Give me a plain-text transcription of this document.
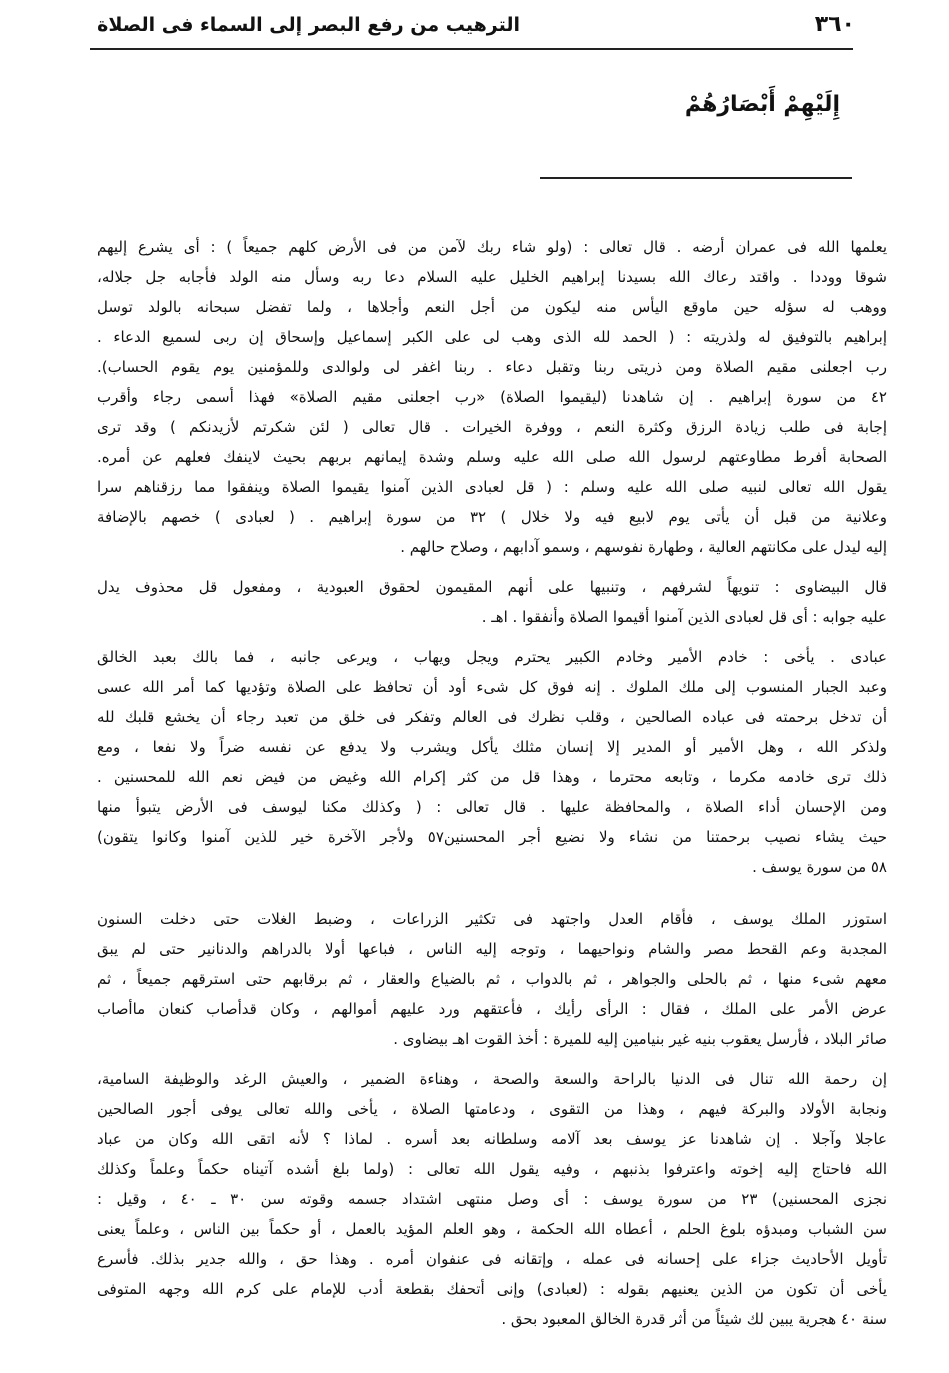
٣٦٠
الترهيب من رفع البصر إلى السماء فى الصلاة
إِلَيْهِمْ أَبْصَارُهُمْ
يعلمها الله فى عمران أرضه . قال تعالى : (ولو شاء ربك لآمن من فى الأرض كلهم جميعاً ) : أى يشرع إليهم
شوقا ووددا . واقتد رعاك الله بسيدنا إبراهيم الخليل عليه السلام دعا ربه وسأل منه الولد فأجابه جل جلاله،
ووهب له سؤله حين ماوقع اليأس منه ليكون من أجل النعم وأجلاها ، ولما تفضل سبحانه بالولد توسل
إبراهيم بالتوفيق له ولذريته : ( الحمد لله الذى وهب لى على الكبر إسماعيل وإسحاق إن ربى لسميع الدعاء .
رب اجعلنى مقيم الصلاة ومن ذريتى ربنا وتقبل دعاء . ربنا اغفر لى ولوالدى وللمؤمنين يوم يقوم الحساب).
٤٢ من سورة إبراهيم . إن شاهدنا (ليقيموا الصلاة) «رب اجعلنى مقيم الصلاة» فهذا أسمى رجاء وأقرب
إجابة فى طلب زيادة الرزق وكثرة النعم ، ووفرة الخيرات . قال تعالى ( لئن شكرتم لأزيدنكم ) وقد ترى
الصحابة أفرط مطاوعتهم لرسول الله صلى الله عليه وسلم وشدة إيمانهم بربهم بحيث لاينفك فعلهم عن أمره.
يقول الله تعالى لنبيه صلى الله عليه وسلم : ( قل لعبادى الذين آمنوا يقيموا الصلاة وينفقوا مما رزقناهم سرا
وعلانية من قبل أن يأتى يوم لابيع فيه ولا خلال ) ٣٢ من سورة إبراهيم . ( لعبادى ) خصهم بالإضافة
إليه ليدل على مكانتهم العالية ، وطهارة نفوسهم ، وسمو آدابهم ، وصلاح حالهم .
قال البيضاوى : تنويهاً لشرفهم ، وتنبيها على أنهم المقيمون لحقوق العبودية ، ومفعول قل محذوف يدل
عليه جوابه : أى قل لعبادى الذين آمنوا أقيموا الصلاة وأنفقوا . اهـ .
عبادى . يأخى : خادم الأمير وخادم الكبير يحترم ويجل ويهاب ، ويرعى جانبه ، فما بالك بعبد الخالق
وعبد الجبار المنسوب إلى ملك الملوك . إنه فوق كل شىء أود أن تحافظ على الصلاة وتؤديها كما أمر الله عسى
أن تدخل برحمته فى عباده الصالحين ، وقلب نظرك فى العالم وتفكر فى خلق من تعبد رجاء أن يخشع قلبك لله
ولذكر الله ، وهل الأمير أو المدير إلا إنسان مثلك يأكل ويشرب ولا يدفع عن نفسه ضراً ولا نفعا ، ومع
ذلك ترى خادمه مكرما ، وتابعه محترما ، وهذا قل من كثر إكرام الله وغيض من فيض نعم الله للمحسنين .
ومن الإحسان أداء الصلاة ، والمحافظة عليها . قال تعالى : ( وكذلك مكنا ليوسف فى الأرض يتبوأ منها
حيث يشاء نصيب برحمتنا من نشاء ولا نضيع أجر المحسنين٥٧ ولأجر الآخرة خير للذين آمنوا وكانوا يتقون)
٥٨ من سورة يوسف .
استوزر الملك يوسف ، فأقام العدل واجتهد فى تكثير الزراعات ، وضبط الغلات حتى دخلت السنون
المجدبة وعم القحط مصر والشام ونواحيهما ، وتوجه إليه الناس ، فباعها أولا بالدراهم والدنانير حتى لم يبق
معهم شىء منها ، ثم بالحلى والجواهر ، ثم بالدواب ، ثم بالضياع والعقار ، ثم برقابهم حتى استرقهم جميعاً ، ثم
عرض الأمر على الملك ، فقال : الرأى رأيك ، فأعتقهم ورد عليهم أموالهم ، وكان قدأصاب كنعان ماأصاب
صائر البلاد ، فأرسل يعقوب بنيه غير بنيامين إليه للميرة : أخذ القوت اهـ بيضاوى .
إن رحمة الله تنال فى الدنيا بالراحة والسعة والصحة ، وهناءة الضمير ، والعيش الرغد والوظيفة السامية،
ونجابة الأولاد والبركة فيهم ، وهذا من التقوى ، ودعامتها الصلاة ، يأخى والله تعالى يوفى أجور الصالحين
عاجلا وآجلا . إن شاهدنا عز يوسف بعد آلامه وسلطانه بعد أسره . لماذا ؟ لأنه اتقى الله وكان من عباد
الله فاحتاج إليه إخوته واعترفوا بذنبهم ، وفيه يقول الله تعالى : (ولما بلغ أشده آتيناه حكماً وعلماً وكذلك
نجزى المحسنين) ٢٣ من سورة يوسف : أى وصل منتهى اشتداد جسمه وقوته سن ٣٠ ـ ٤٠ ، وقيل :
سن الشباب ومبدؤه بلوغ الحلم ، أعطاه الله الحكمة ، وهو العلم المؤيد بالعمل ، أو حكماً بين الناس ، وعلماً يعنى
تأويل الأحاديث جزاء على إحسانه فى عمله ، وإتقانه فى عنفوان أمره . وهذا حق ، والله جدير بذلك. فأسرع
يأخى أن تكون من الذين يعنيهم بقوله : (لعبادى) وإنى أتحفك بقطعة أدب للإمام على كرم الله وجهه المتوفى
سنة ٤٠ هجرية يبين لك شيئاً من أثر قدرة الخالق المعبود بحق .
